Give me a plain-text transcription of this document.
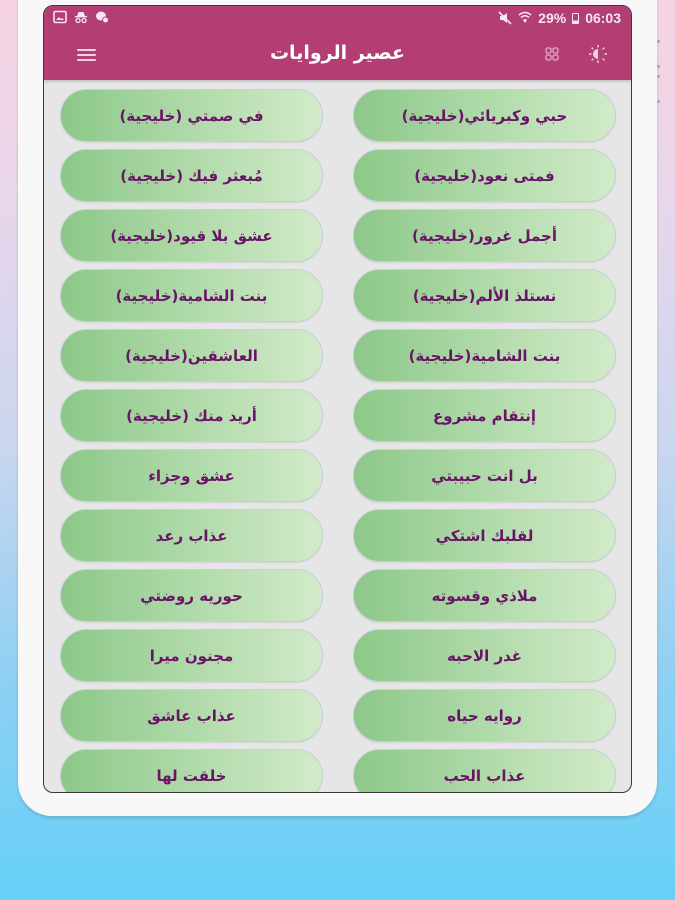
29% 06:03
عصير الروايات
حبي وكبريائي(خليجية)
في صمتي (خليجية)
فمتى نعود(خليجية)
مُبعثر فيك (خليجية)
أجمل غرور(خليجية)
عشق بلا قيود(خليجية)
نستلذ الألم(خليجية)
بنت الشامية(خليجية)
بنت الشامية(خليجية)
العاشقين(خليجية)
إنتقام مشروع
أريد منك (خليجية)
بل انت حبيبتي
عشق وجزاء
لقلبك اشتكي
عذاب رعد
ملاذي وقسوته
حوريه روضتي
غدر الاحبه
مجنون ميرا
روايه حياه
عذاب عاشق
عذاب الحب
خلقت لها
